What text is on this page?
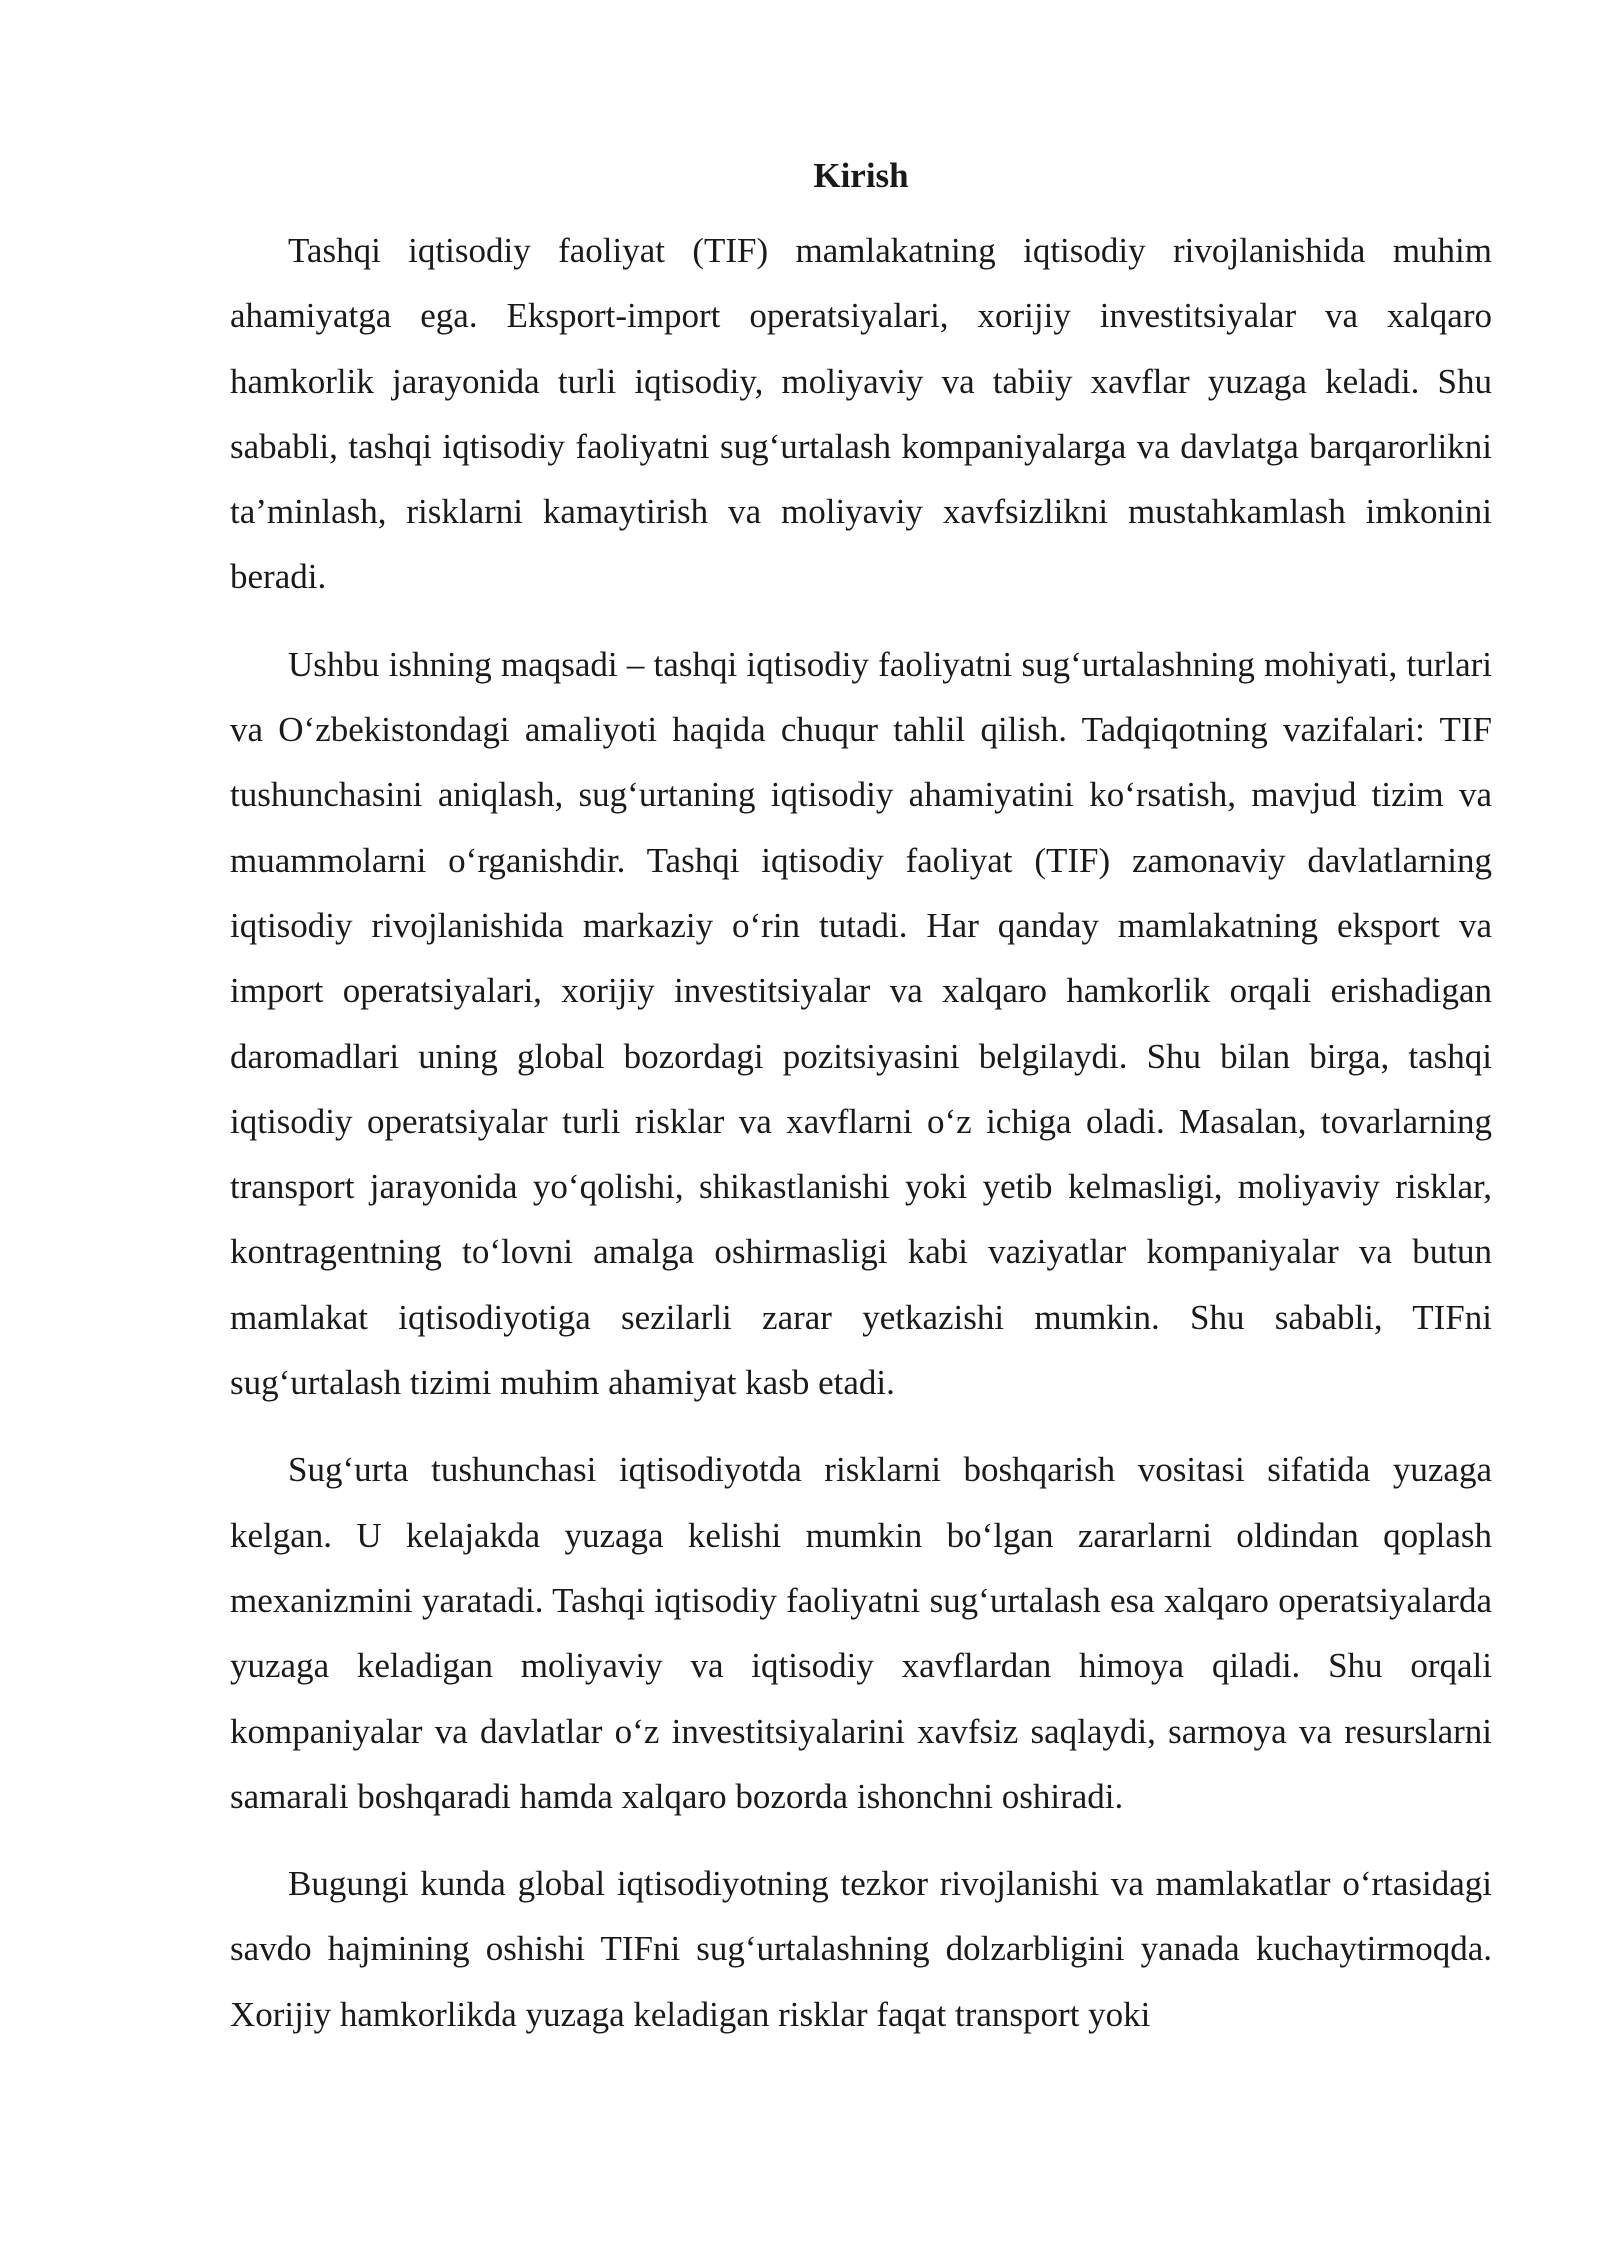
Kirish

Tashqi iqtisodiy faoliyat (TIF) mamlakatning iqtisodiy rivojlanishida muhim ahamiyatga ega. Eksport-import operatsiyalari, xorijiy investitsiyalar va xalqaro hamkorlik jarayonida turli iqtisodiy, moliyaviy va tabiiy xavflar yuzaga keladi. Shu sababli, tashqi iqtisodiy faoliyatni sug‘urtalash kompaniyalarga va davlatga barqarorlikni ta’minlash, risklarni kamaytirish va moliyaviy xavfsizlikni mustahkamlash imkonini beradi.

Ushbu ishning maqsadi – tashqi iqtisodiy faoliyatni sug‘urtalashning mohiyati, turlari va O‘zbekistondagi amaliyoti haqida chuqur tahlil qilish. Tadqiqotning vazifalari: TIF tushunchasini aniqlash, sug‘urtaning iqtisodiy ahamiyatini ko‘rsatish, mavjud tizim va muammolarni o‘rganishdir. Tashqi iqtisodiy faoliyat (TIF) zamonaviy davlatlarning iqtisodiy rivojlanishida markaziy o‘rin tutadi. Har qanday mamlakatning eksport va import operatsiyalari, xorijiy investitsiyalar va xalqaro hamkorlik orqali erishadigan daromadlari uning global bozordagi pozitsiyasini belgilaydi. Shu bilan birga, tashqi iqtisodiy operatsiyalar turli risklar va xavflarni o‘z ichiga oladi. Masalan, tovarlarning transport jarayonida yo‘qolishi, shikastlanishi yoki yetib kelmasligi, moliyaviy risklar, kontragentning to‘lovni amalga oshirmasligi kabi vaziyatlar kompaniyalar va butun mamlakat iqtisodiyotiga sezilarli zarar yetkazishi mumkin. Shu sababli, TIFni sug‘urtalash tizimi muhim ahamiyat kasb etadi.

Sug‘urta tushunchasi iqtisodiyotda risklarni boshqarish vositasi sifatida yuzaga kelgan. U kelajakda yuzaga kelishi mumkin bo‘lgan zararlarni oldindan qoplash mexanizmini yaratadi. Tashqi iqtisodiy faoliyatni sug‘urtalash esa xalqaro operatsiyalarda yuzaga keladigan moliyaviy va iqtisodiy xavflardan himoya qiladi. Shu orqali kompaniyalar va davlatlar o‘z investitsiyalarini xavfsiz saqlaydi, sarmoya va resurslarni samarali boshqaradi hamda xalqaro bozorda ishonchni oshiradi.

Bugungi kunda global iqtisodiyotning tezkor rivojlanishi va mamlakatlar o‘rtasidagi savdo hajmining oshishi TIFni sug‘urtalashning dolzarbligini yanada kuchaytirmoqda. Xorijiy hamkorlikda yuzaga keladigan risklar faqat transport yoki
